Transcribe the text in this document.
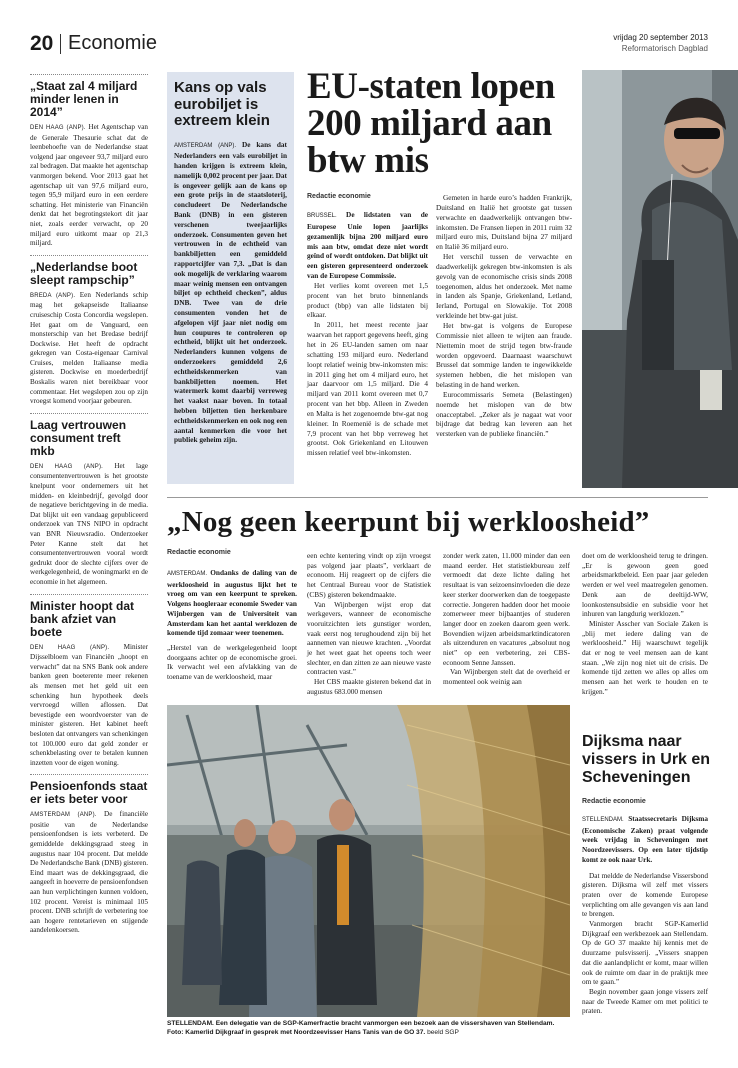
20 Economie	vrijdag 20 september 2013
Reformatorisch Dagblad
„Staat zal 4 miljard minder lenen in 2014”

DEN HAAG (ANP). Het Agentschap van de Generale Thesaurie schat dat de leenbehoefte van de Nederlandse staat volgend jaar ongeveer 93,7 miljard euro zal bedragen. Dat maakte het agentschap vanmorgen bekend. Voor 2013 gaat het agentschap uit van 97,6 miljard euro, tegen 95,9 miljard euro in een eerdere schatting. Het ministerie van Financiën denkt dat het begrotingstekort dit jaar niet, zoals eerder verwacht, op 20 miljard euro uitkomt maar op 21,3 miljard.

„Nederlandse boot sleept rampschip”

BREDA (ANP). Een Nederlands schip mag het gekapseisde Italiaanse cruiseschip Costa Concordia wegslepen. Het gaat om de Vanguard, een monsterschip van het Bredase bedrijf Dockwise. Het heeft de opdracht gekregen van Costa-eigenaar Carnival Cruises, melden Italiaanse media gisteren. Dockwise en moederbedrijf Boskalis waren niet bereikbaar voor commentaar. Het wegslepen zou op zijn vroegst komend voorjaar gebeuren.

Laag vertrouwen consument treft mkb

DEN HAAG (ANP). Het lage consumentenvertrouwen is het grootste knelpunt voor ondernemers uit het midden- en kleinbedrijf, gevolgd door de negatieve berichtgeving in de media. Dat blijkt uit een vandaag gepubliceerd onderzoek van TNS NIPO in opdracht van BNR Nieuwsradio. Onderzoeker Peter Kanne stelt dat het consumentenvertrouwen vooral wordt gedrukt door de slechte cijfers over de werkgelegenheid, de woningmarkt en de economie in het algemeen.

Minister hoopt dat bank afziet van boete

DEN HAAG (ANP). Minister Dijsselbloem van Financiën „hoopt en verwacht” dat na SNS Bank ook andere banken geen boeterente meer rekenen als mensen met het geld uit een schenking hun hypotheek deels vervroegd willen aflossen. Dat bevestigde een woordvoerster van de minister gisteren. Het kabinet heeft besloten dat ontvangers van schenkingen tot 100.000 euro dat geld zonder er schenkbelasting over te betalen kunnen inzetten voor de eigen woning.

Pensioenfonds staat er iets beter voor

AMSTERDAM (ANP). De financiële positie van de Nederlandse pensioenfondsen is iets verbeterd. De gemiddelde dekkingsgraad steeg in augustus naar 104 procent. Dat meldde De Nederlandsche Bank (DNB) gisteren. Eind maart was de dekkingsgraad, die aangeeft in hoeverre de pensioenfondsen aan hun verplichtingen kunnen voldoen, 102 procent. Vereist is minimaal 105 procent. DNB schrijft de verbetering toe aan hogere rentetarieven en stijgende aandelenkoersen.

Kans op vals eurobiljet is extreem klein

AMSTERDAM (ANP). De kans dat Nederlanders een vals eurobiljet in handen krijgen is extreem klein, namelijk 0,002 procent per jaar. Dat is ongeveer gelijk aan de kans op een grote prijs in de staatsloterij, concludeert De Nederlandsche Bank (DNB) in een gisteren verschenen tweejaarlijks onderzoek. Consumenten geven het vertrouwen in de echtheid van bankbiljetten een gemiddeld rapportcijfer van 7,3. „Dat is dan ook mogelijk de verklaring waarom maar weinig mensen een ontvangen biljet op echtheid checken”, aldus DNB. Twee van de drie consumenten vonden het de afgelopen vijf jaar niet nodig om hun coupures te controleren op echtheid, blijkt uit het onderzoek. Nederlanders kunnen volgens de onderzoekers gemiddeld 2,6 echtheidskenmerken van bankbiljetten noemen. Het watermerk komt daarbij verreweg het vaakst naar boven. In totaal hebben biljetten tien herkenbare echtheidskenmerken en ook nog een aantal kenmerken die voor het publiek geheim zijn.

EU-staten lopen 200 miljard aan btw mis
Redactie economie

BRUSSEL. De lidstaten van de Europese Unie lopen jaarlijks gezamenlijk bijna 200 miljard euro mis aan btw, omdat deze niet wordt geïnd of wordt ontdoken. Dat blijkt uit een gisteren gepresenteerd onderzoek van de Europese Commissie.

Het verlies komt overeen met 1,5 procent van het bruto binnenlands product (bbp) van alle lidstaten bij elkaar.

In 2011, het meest recente jaar waarvan het rapport gegevens heeft, ging het in 26 EU-landen samen om naar schatting 193 miljard euro. Nederland loopt relatief weinig btw-inkomsten mis: in 2011 ging het om 4 miljard euro, het jaar daarvoor om 1,5 miljard. Die 4 miljard van 2011 komt overeen met 0,7 procent van het bbp. Alleen in Zweden en Malta is het zogenoemde btw-gat nog kleiner. In Roemenië is de schade met 7,9 procent van het bbp verreweg het grootst. Ook Griekenland en Litouwen missen relatief veel btw-inkomsten.

Gemeten in harde euro’s hadden Frankrijk, Duitsland en Italië het grootste gat tussen verwachte en daadwerkelijk ontvangen btw-inkomsten. De Fransen liepen in 2011 ruim 32 miljard euro mis, Duitsland bijna 27 miljard en Italië 36 miljard euro.

Het verschil tussen de verwachte en daadwerkelijk gekregen btw-inkomsten is als gevolg van de economische crisis sinds 2008 toegenomen, aldus het onderzoek. Met name in landen als Spanje, Griekenland, Letland, Ierland, Portugal en Slowakije. Tot 2008 verkleinde het btw-gat juist.

Het btw-gat is volgens de Europese Commissie niet alleen te wijten aan fraude. Niettemin moet de strijd tegen btw-fraude worden opgevoerd. Daarnaast waarschuwt Brussel dat sommige landen te ingewikkelde systemen hebben, die het mislopen van belasting in de hand werken.

Eurocommissaris Semeta (Belastingen) noemde het mislopen van de btw onacceptabel. „Zeker als je nagaat wat voor bijdrage dat bedrag kan leveren aan het versterken van de publieke financiën.”

„Nog geen keerpunt bij werkloosheid”
Redactie economie

AMSTERDAM. Ondanks de daling van de werkloosheid in augustus lijkt het te vroeg om van een keerpunt te spreken. Volgens hoogleraar economie Sweder van Wijnbergen van de Universiteit van Amsterdam kan het aantal werklozen de komende tijd zomaar weer toenemen.

„Herstel van de werkgelegenheid loopt doorgaans achter op de economische groei. Ik verwacht wel een afvlakking van de toename van de werkloosheid, maar

een echte kentering vindt op zijn vroegst pas volgend jaar plaats”, verklaart de econoom. Hij reageert op de cijfers die het Centraal Bureau voor de Statistiek (CBS) gisteren bekendmaakte.

Van Wijnbergen wijst erop dat werkgevers, wanneer de economische vooruitzichten iets gunstiger worden, vaak eerst nog terughoudend zijn bij het aannemen van nieuwe krachten. „Voordat je het weet gaat het opeens toch weer slechter, en dan zitten ze aan nieuwe vaste contracten vast.”

Het CBS maakte gisteren bekend dat in augustus 683.000 mensen

zonder werk zaten, 11.000 minder dan een maand eerder. Het statistiekbureau zelf vermoedt dat deze lichte daling het resultaat is van seizoensinvloeden die deze keer sterker doorwerken dan de toegepaste correctie. Jongeren hadden door het mooie zomerweer meer bijbaantjes of studeren langer door en zoeken daarom geen werk. Bovendien wijzen arbeidsmarktindicatoren als uitzenduren en vacatures „absoluut nog niet” op een verbetering, zei CBS-econoom Senne Janssen.

Van Wijnbergen stelt dat de overheid er momenteel ook weinig aan

doet om de werkloosheid terug te dringen. „Er is gewoon geen goed arbeidsmarktbeleid. Een paar jaar geleden werden er wel veel maatregelen genomen. Denk aan de deeltijd-WW, loonkostensubsidie en subsidie voor het inhuren van langdurig werklozen.”

Minister Asscher van Sociale Zaken is „blij met iedere daling van de werkloosheid.” Hij waarschuwt tegelijk dat er nog te veel mensen aan de kant staan. „We zijn nog niet uit de crisis. De komende tijd zetten we alles op alles om mensen aan het werk te houden en te krijgen.”

STELLENDAM. Een delegatie van de SGP-Kamerfractie bracht vanmorgen een bezoek aan de vissershaven van Stellendam. Foto: Kamerlid Dijkgraaf in gesprek met Noordzeevisser Hans Tanis van de GO 37. beeld SGP
Dijksma naar vissers in Urk en Scheveningen
Redactie economie

STELLENDAM. Staatssecretaris Dijksma (Economische Zaken) praat volgende week vrijdag in Scheveningen met Noordzeevissers. Op een later tijdstip komt ze ook naar Urk.

Dat meldde de Nederlandse Vissersbond gisteren. Dijksma wil zelf met vissers praten over de komende Europese verplichting om alle gevangen vis aan land te brengen.

Vanmorgen bracht SGP-Kamerlid Dijkgraaf een werkbezoek aan Stellendam. Op de GO 37 maakte hij kennis met de duurzame pulsvisserij. „Vissers snappen dat die aanlandplicht er komt, maar willen ook de ruimte om daar in de praktijk mee om te gaan.”

Begin november gaan jonge vissers zelf naar de Tweede Kamer om met politici te praten.
